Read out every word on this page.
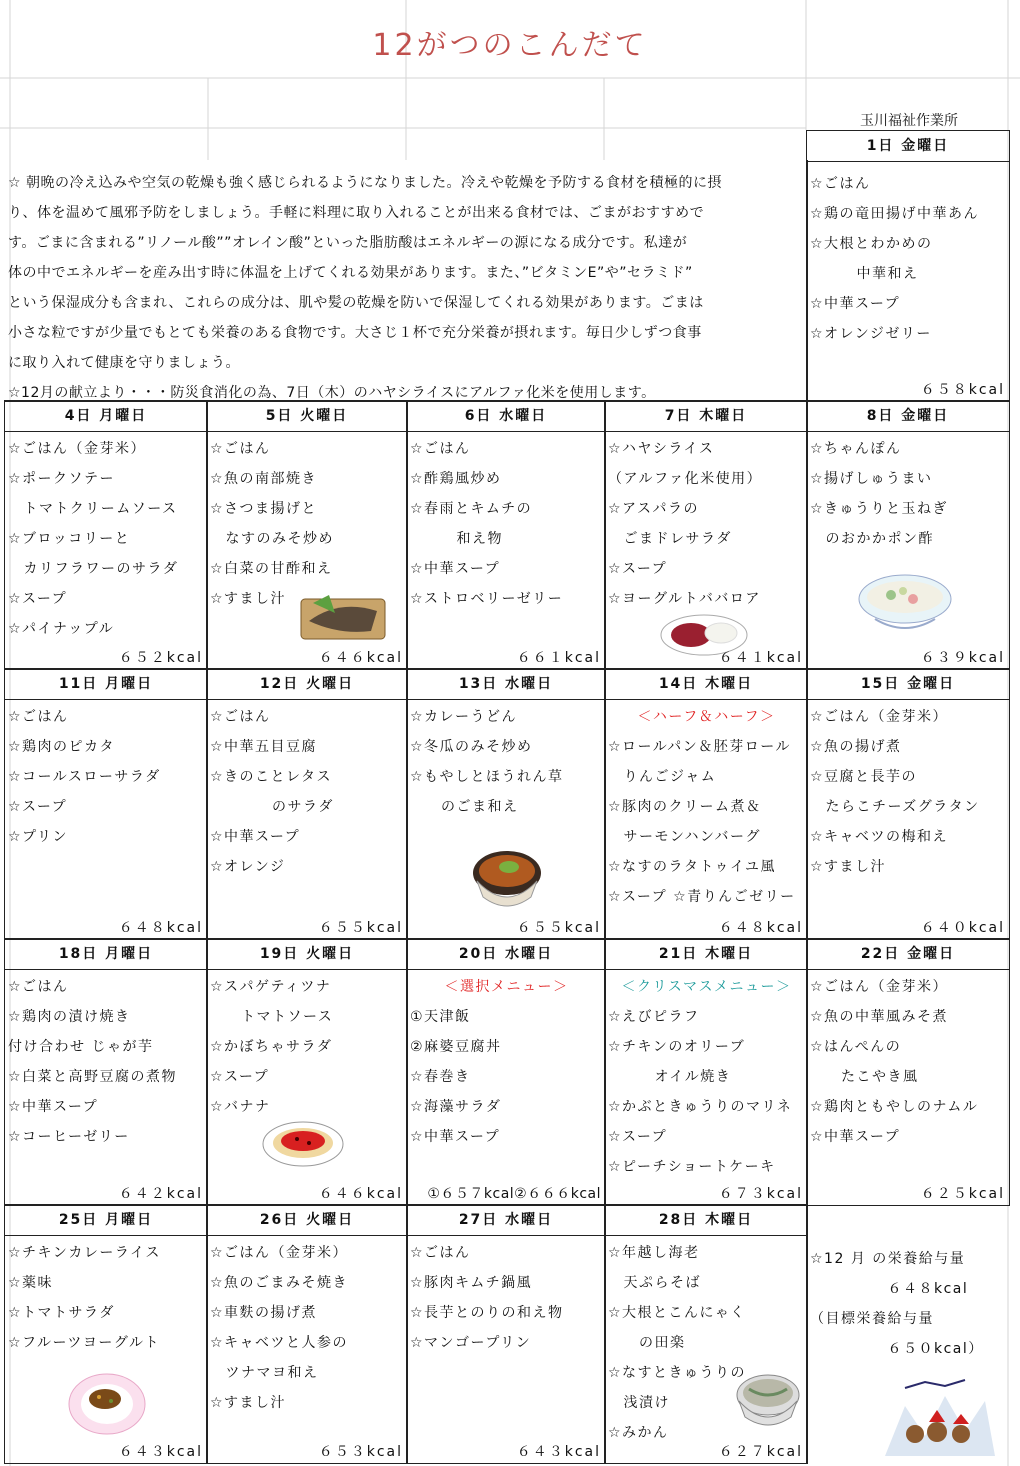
12がつのこんだて
玉川福祉作業所
☆ 朝晩の冷え込みや空気の乾燥も強く感じられるようになりました。冷えや乾燥を予防する食材を積極的に摂
り、体を温めて風邪予防をしましょう。手軽に料理に取り入れることが出来る食材では、ごまがおすすめで
す。ごまに含まれる”リノール酸””オレイン酸”といった脂肪酸はエネルギーの源になる成分です。私達が
体の中でエネルギーを産み出す時に体温を上げてくれる効果があります。また、”ビタミンE”や”セラミド”
という保湿成分も含まれ、これらの成分は、肌や髪の乾燥を防いで保湿してくれる効果があります。ごまは
小さな粒ですが少量でもとても栄養のある食物です。大さじ１杯で充分栄養が摂れます。毎日少しずつ食事
に取り入れて健康を守りましょう。
☆12月の献立より・・・防災食消化の為、7日（木）のハヤシライスにアルファ化米を使用します。
1日 金曜日
☆ごはん
☆鶏の竜田揚げ中華あん
☆大根とわかめの
　　　中華和え
☆中華スープ
☆オレンジゼリー
６５８kcal
4日 月曜日
☆ごはん（金芽米）
☆ポークソテー
　トマトクリームソース
☆ブロッコリーと
　カリフラワーのサラダ
☆スープ
☆パイナップル
６５２kcal
5日 火曜日
☆ごはん
☆魚の南部焼き
☆さつま揚げと
　なすのみそ炒め
☆白菜の甘酢和え
☆すまし汁
６４６kcal
6日 水曜日
☆ごはん
☆酢鶏風炒め
☆春雨とキムチの
　　　和え物
☆中華スープ
☆ストロベリーゼリー
６６１kcal
7日 木曜日
☆ハヤシライス
（アルファ化米使用）
☆アスパラの
　ごまドレサラダ
☆スープ
☆ヨーグルトババロア
６４１kcal
8日 金曜日
☆ちゃんぽん
☆揚げしゅうまい
☆きゅうりと玉ねぎ
　のおかかポン酢
６３９kcal
11日 月曜日
☆ごはん
☆鶏肉のピカタ
☆コールスローサラダ
☆スープ
☆プリン
６４８kcal
12日 火曜日
☆ごはん
☆中華五目豆腐
☆きのことレタス
　　　　のサラダ
☆中華スープ
☆オレンジ
６５５kcal
13日 水曜日
☆カレーうどん
☆冬瓜のみそ炒め
☆もやしとほうれん草
　　のごま和え
６５５kcal
14日 木曜日
＜ハーフ＆ハーフ＞
☆ロールパン＆胚芽ロール
　りんごジャム
☆豚肉のクリーム煮＆
　サーモンハンバーグ
☆なすのラタトゥイユ風
☆スープ ☆青りんごゼリー
６４８kcal
15日 金曜日
☆ごはん（金芽米）
☆魚の揚げ煮
☆豆腐と長芋の
　たらこチーズグラタン
☆キャベツの梅和え
☆すまし汁
６４０kcal
18日 月曜日
☆ごはん
☆鶏肉の漬け焼き
付け合わせ じゃが芋
☆白菜と高野豆腐の煮物
☆中華スープ
☆コーヒーゼリー
６４２kcal
19日 火曜日
☆スパゲティツナ
　　トマトソース
☆かぼちゃサラダ
☆スープ
☆バナナ
６４６kcal
20日 水曜日
＜選択メニュー＞
①天津飯
②麻婆豆腐丼
☆春巻き
☆海藻サラダ
☆中華スープ
①６５７kcal②６６６kcal
21日 木曜日
＜クリスマスメニュー＞
☆えびピラフ
☆チキンのオリーブ
　　　オイル焼き
☆かぶときゅうりのマリネ
☆スープ
☆ピーチショートケーキ
６７３kcal
22日 金曜日
☆ごはん（金芽米）
☆魚の中華風みそ煮
☆はんぺんの
　　たこやき風
☆鶏肉ともやしのナムル
☆中華スープ
６２５kcal
25日 月曜日
☆チキンカレーライス
☆薬味
☆トマトサラダ
☆フルーツヨーグルト
６４３kcal
26日 火曜日
☆ごはん（金芽米）
☆魚のごまみそ焼き
☆車麩の揚げ煮
☆キャベツと人参の
　ツナマヨ和え
☆すまし汁
６５３kcal
27日 水曜日
☆ごはん
☆豚肉キムチ鍋風
☆長芋とのりの和え物
☆マンゴープリン
６４３kcal
28日 木曜日
☆年越し海老
　天ぷらそば
☆大根とこんにゃく
　　の田楽
☆なすときゅうりの
　浅漬け
☆みかん
６２７kcal
☆12 月 の栄養給与量
　　　　　６４８kcal
（目標栄養給与量
　　　　　６５０kcal）
